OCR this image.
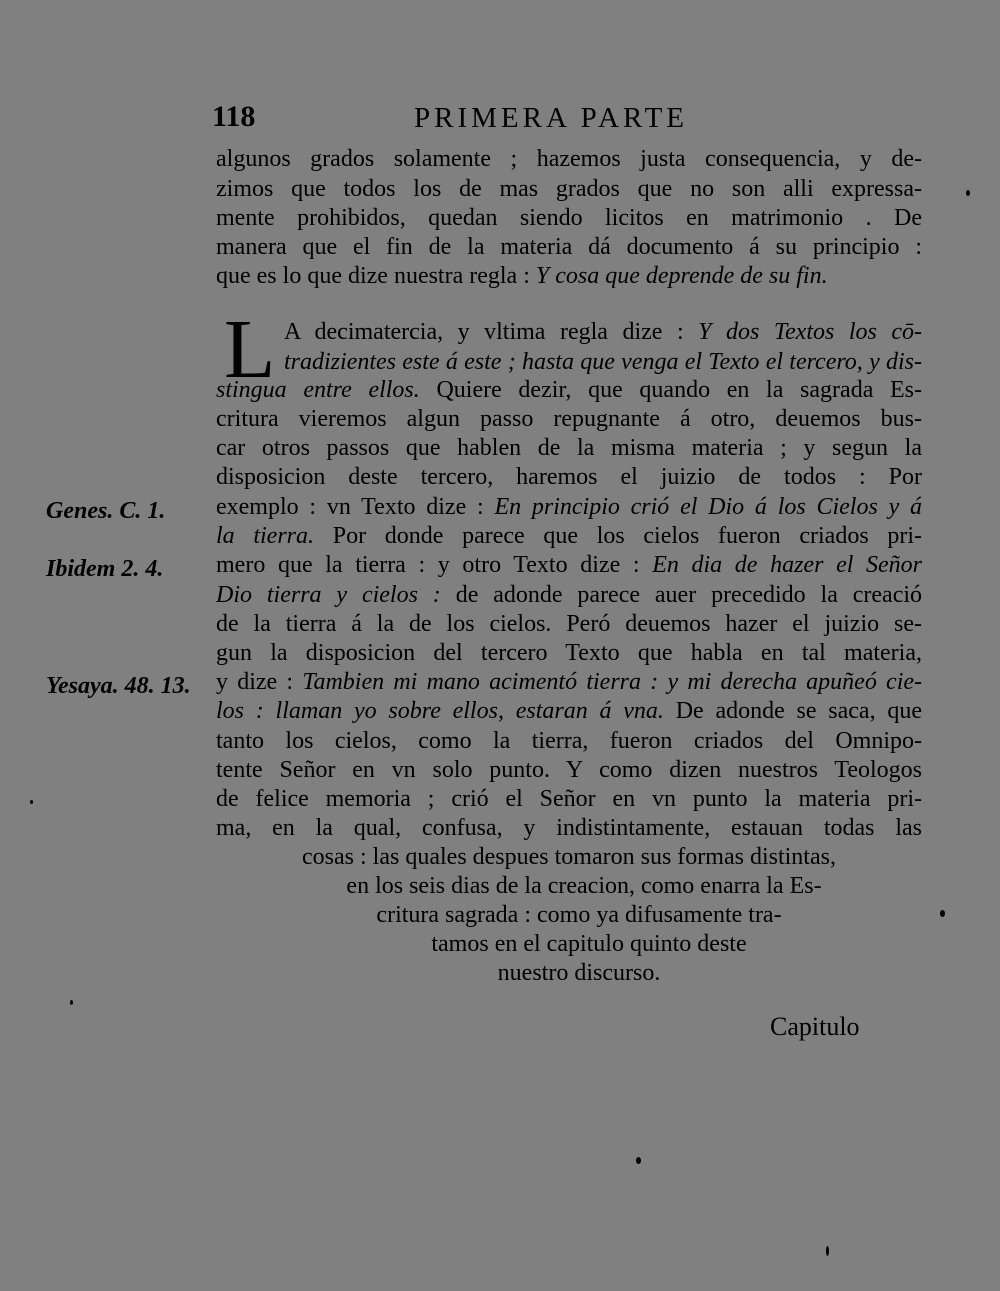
118	PRIMERA PARTE
algunos grados solamente ; hazemos justa consequencia, y de-
zimos que todos los de mas grados que no son alli expressa-
mente prohibidos, quedan siendo licitos en matrimonio . De
manera que el fin de la materia dá documento á su principio :
que es lo que dize nuestra regla : Y cosa que deprende de su fin.
L A decimatercia, y vltima regla dize : Y dos Textos los cō-
tradizientes este á este ; hasta que venga el Texto el tercero, y dis-
stingua entre ellos. Quiere dezir, que quando en la sagrada Es-
critura vieremos algun passo repugnante á otro, deuemos bus-
car otros passos que hablen de la misma materia ; y segun la
disposicion deste tercero, haremos el juizio de todos : Por
exemplo : vn Texto dize : En principio crió el Dio á los Cielos y á
la tierra. Por donde parece que los cielos fueron criados pri-
mero que la tierra : y otro Texto dize : En dia de hazer el Señor
Dio tierra y cielos : de adonde parece auer precedido la creació
de la tierra á la de los cielos. Peró deuemos hazer el juizio se-
gun la disposicion del tercero Texto que habla en tal materia,
y dize : Tambien mi mano acimentó tierra : y mi derecha apuñeó cie-
los : llaman yo sobre ellos, estaran á vna. De adonde se saca, que
tanto los cielos, como la tierra, fueron criados del Omnipo-
tente Señor en vn solo punto. Y como dizen nuestros Teologos
de felice memoria ; crió el Señor en vn punto la materia pri-
ma, en la qual, confusa, y indistintamente, estauan todas las
cosas : las quales despues tomaron sus formas distintas,
en los seis dias de la creacion, como enarra la Es-
critura sagrada : como ya difusamente tra-
tamos en el capitulo quinto deste
nuestro discurso.
Genes. C. 1.
Ibidem 2. 4.
Yesaya. 48. 13.
Capitulo
